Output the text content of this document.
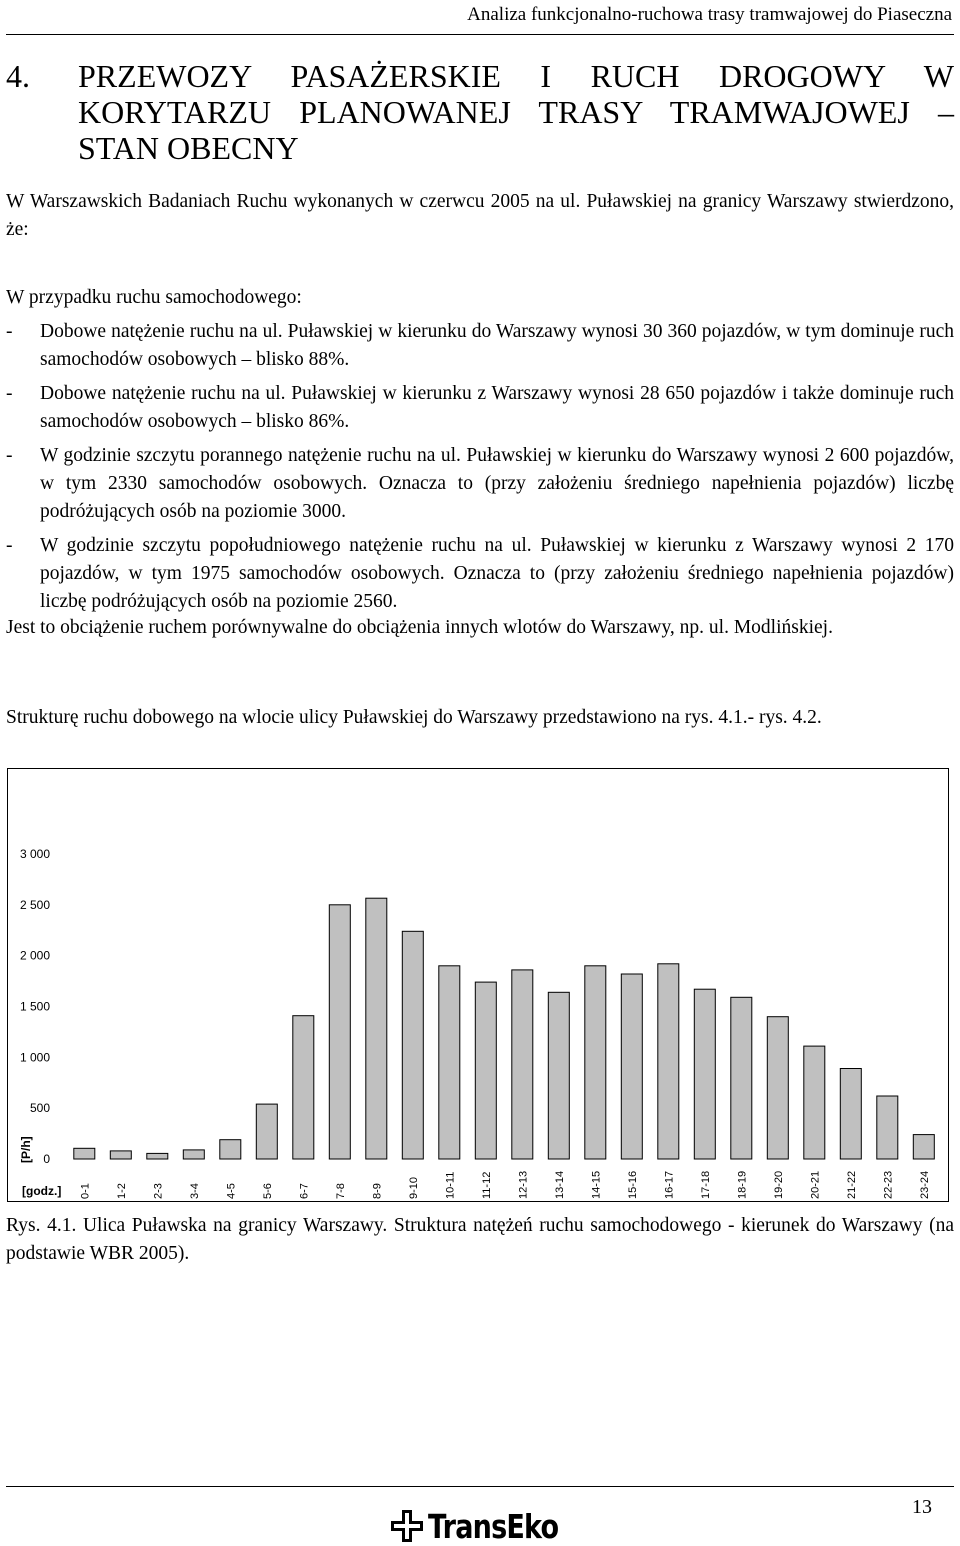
Analiza funkcjonalno-ruchowa trasy tramwajowej do Piaseczna
4. PRZEWOZY PASAŻERSKIE I RUCH DROGOWY W KORYTARZU PLANOWANEJ TRASY TRAMWAJOWEJ – STAN OBECNY

W Warszawskich Badaniach Ruchu wykonanych w czerwcu 2005 na ul. Puławskiej na granicy Warszawy stwierdzono, że:

W przypadku ruchu samochodowego:

- Dobowe natężenie ruchu na ul. Puławskiej w kierunku do Warszawy wynosi 30 360 pojazdów, w tym dominuje ruch samochodów osobowych – blisko 88%.
- Dobowe natężenie ruchu na ul. Puławskiej w kierunku z Warszawy wynosi 28 650 pojazdów i także dominuje ruch samochodów osobowych – blisko 86%.
- W godzinie szczytu porannego natężenie ruchu na ul. Puławskiej w kierunku do Warszawy wynosi 2 600 pojazdów, w tym 2330 samochodów osobowych. Oznacza to (przy założeniu średniego napełnienia pojazdów) liczbę podróżujących osób na poziomie 3000.
- W godzinie szczytu popołudniowego natężenie ruchu na ul. Puławskiej w kierunku z Warszawy wynosi 2 170 pojazdów, w tym 1975 samochodów osobowych. Oznacza to (przy założeniu średniego napełnienia pojazdów) liczbę podróżujących osób na poziomie 2560.

Jest to obciążenie ruchem porównywalne do obciążenia innych wlotów do Warszawy, np. ul. Modlińskiej.

Strukturę ruchu dobowego na wlocie ulicy Puławskiej do Warszawy przedstawiono na rys. 4.1.- rys. 4.2.

0
500
1 000
1 500
2 000
2 500
3 000
[P/h]
[godz.] 0-1 1-2 2-3 3-4 4-5 5-6 6-7 7-8 8-9 9-10 10-11 11-12 12-13 13-14 14-15 15-16 16-17 17-18 18-19 19-20 20-21 21-22 22-23 23-24

Rys. 4.1. Ulica Puławska na granicy Warszawy. Struktura natężeń ruchu samochodowego - kierunek do Warszawy (na podstawie WBR 2005).

13
TransEko
